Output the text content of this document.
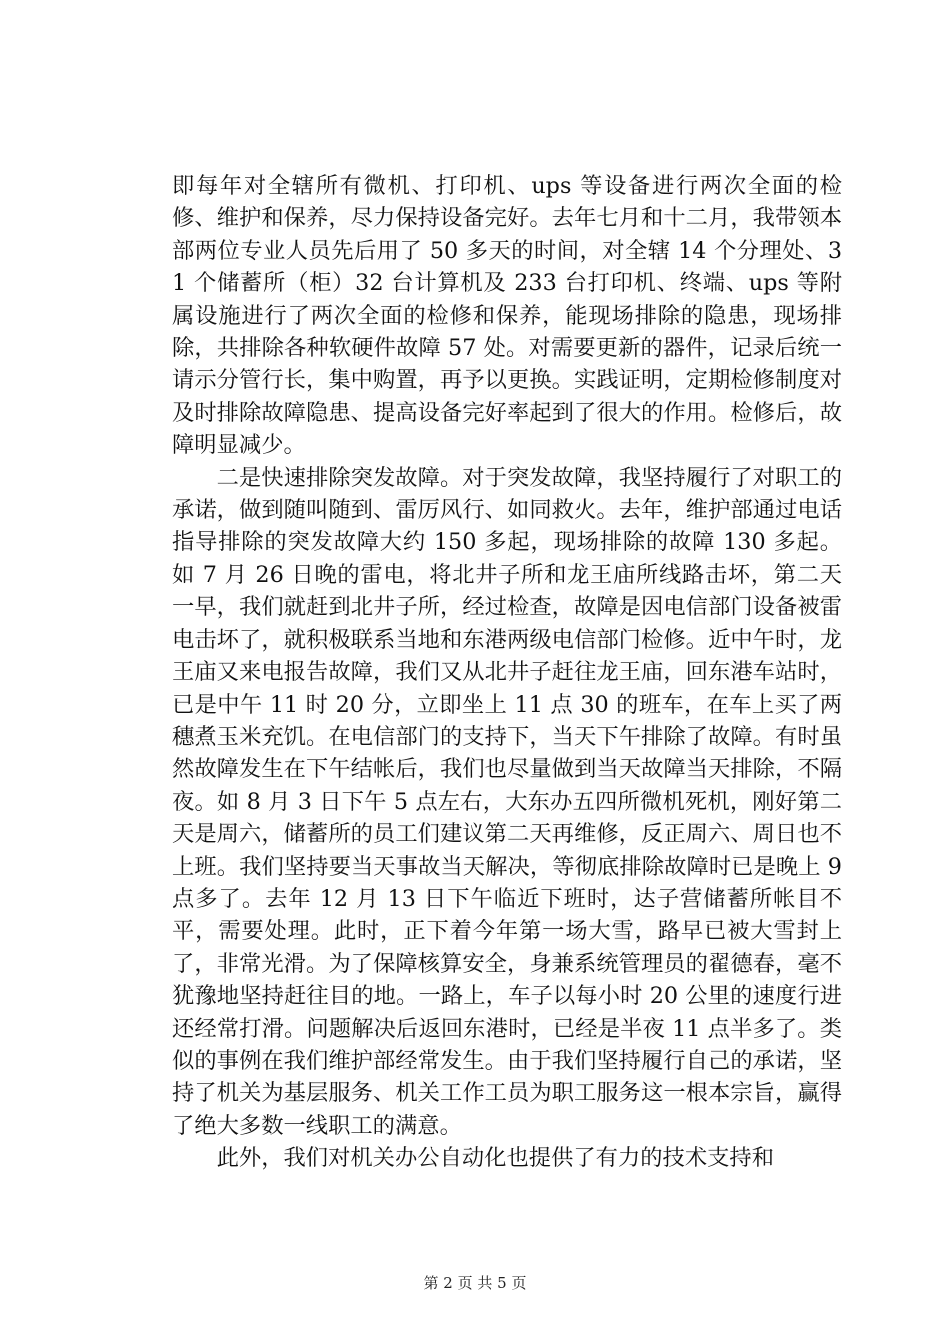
即每年对全辖所有微机、打印机、ups 等设备进行两次全面的检修、维护和保养，尽力保持设备完好。去年七月和十二月，我带领本部两位专业人员先后用了 50 多天的时间，对全辖 14 个分理处、31 个储蓄所（柜）32 台计算机及 233 台打印机、终端、ups 等附属设施进行了两次全面的检修和保养，能现场排除的隐患，现场排除，共排除各种软硬件故障 57 处。对需要更新的器件，记录后统一请示分管行长，集中购置，再予以更换。实践证明，定期检修制度对及时排除故障隐患、提高设备完好率起到了很大的作用。检修后，故障明显减少。

二是快速排除突发故障。对于突发故障，我坚持履行了对职工的承诺，做到随叫随到、雷厉风行、如同救火。去年，维护部通过电话指导排除的突发故障大约 150 多起，现场排除的故障 130 多起。如 7 月 26 日晚的雷电，将北井子所和龙王庙所线路击坏，第二天一早，我们就赶到北井子所，经过检查，故障是因电信部门设备被雷电击坏了，就积极联系当地和东港两级电信部门检修。近中午时，龙王庙又来电报告故障，我们又从北井子赶往龙王庙，回东港车站时，已是中午 11 时 20 分，立即坐上 11 点 30 的班车，在车上买了两穗煮玉米充饥。在电信部门的支持下，当天下午排除了故障。有时虽然故障发生在下午结帐后，我们也尽量做到当天故障当天排除，不隔夜。如 8 月 3 日下午 5 点左右，大东办五四所微机死机，刚好第二天是周六，储蓄所的员工们建议第二天再维修，反正周六、周日也不上班。我们坚持要当天事故当天解决，等彻底排除故障时已是晚上 9 点多了。去年 12 月 13 日下午临近下班时，达子营储蓄所帐目不平，需要处理。此时，正下着今年第一场大雪，路早已被大雪封上了，非常光滑。为了保障核算安全，身兼系统管理员的翟德春，毫不犹豫地坚持赶往目的地。一路上，车子以每小时 20 公里的速度行进还经常打滑。问题解决后返回东港时，已经是半夜 11 点半多了。类似的事例在我们维护部经常发生。由于我们坚持履行自己的承诺，坚持了机关为基层服务、机关工作工员为职工服务这一根本宗旨，赢得了绝大多数一线职工的满意。

此外，我们对机关办公自动化也提供了有力的技术支持和

第 2 页 共 5 页
